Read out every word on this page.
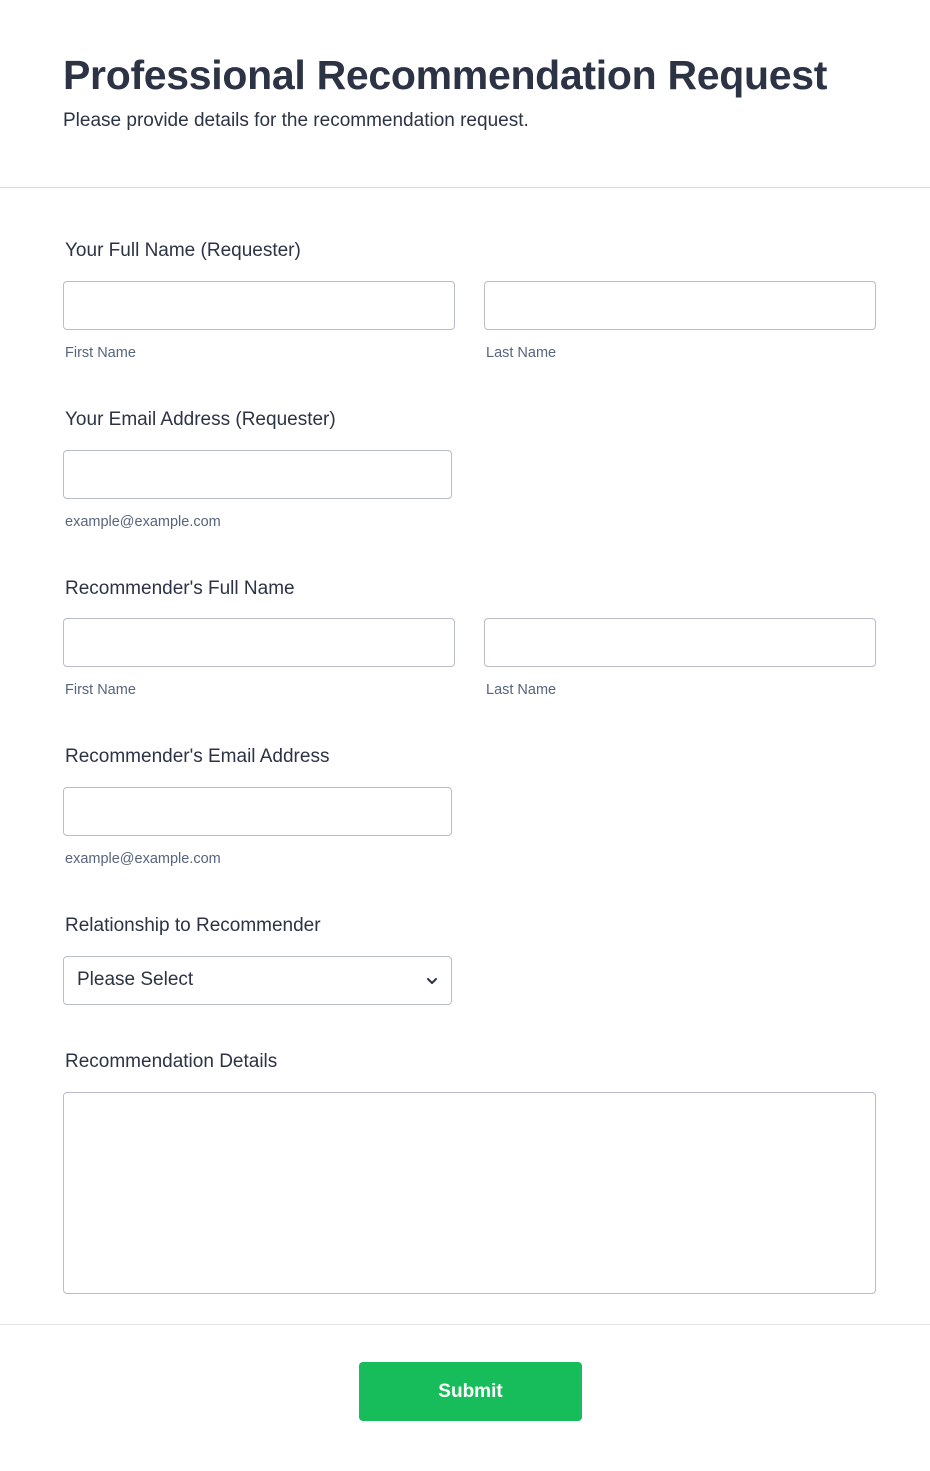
Professional Recommendation Request
Please provide details for the recommendation request.
Your Full Name (Requester)
First Name	Last Name
Your Email Address (Requester)
example@example.com
Recommender's Full Name
First Name	Last Name
Recommender's Email Address
example@example.com
Relationship to Recommender
Please Select
Recommendation Details
Submit
